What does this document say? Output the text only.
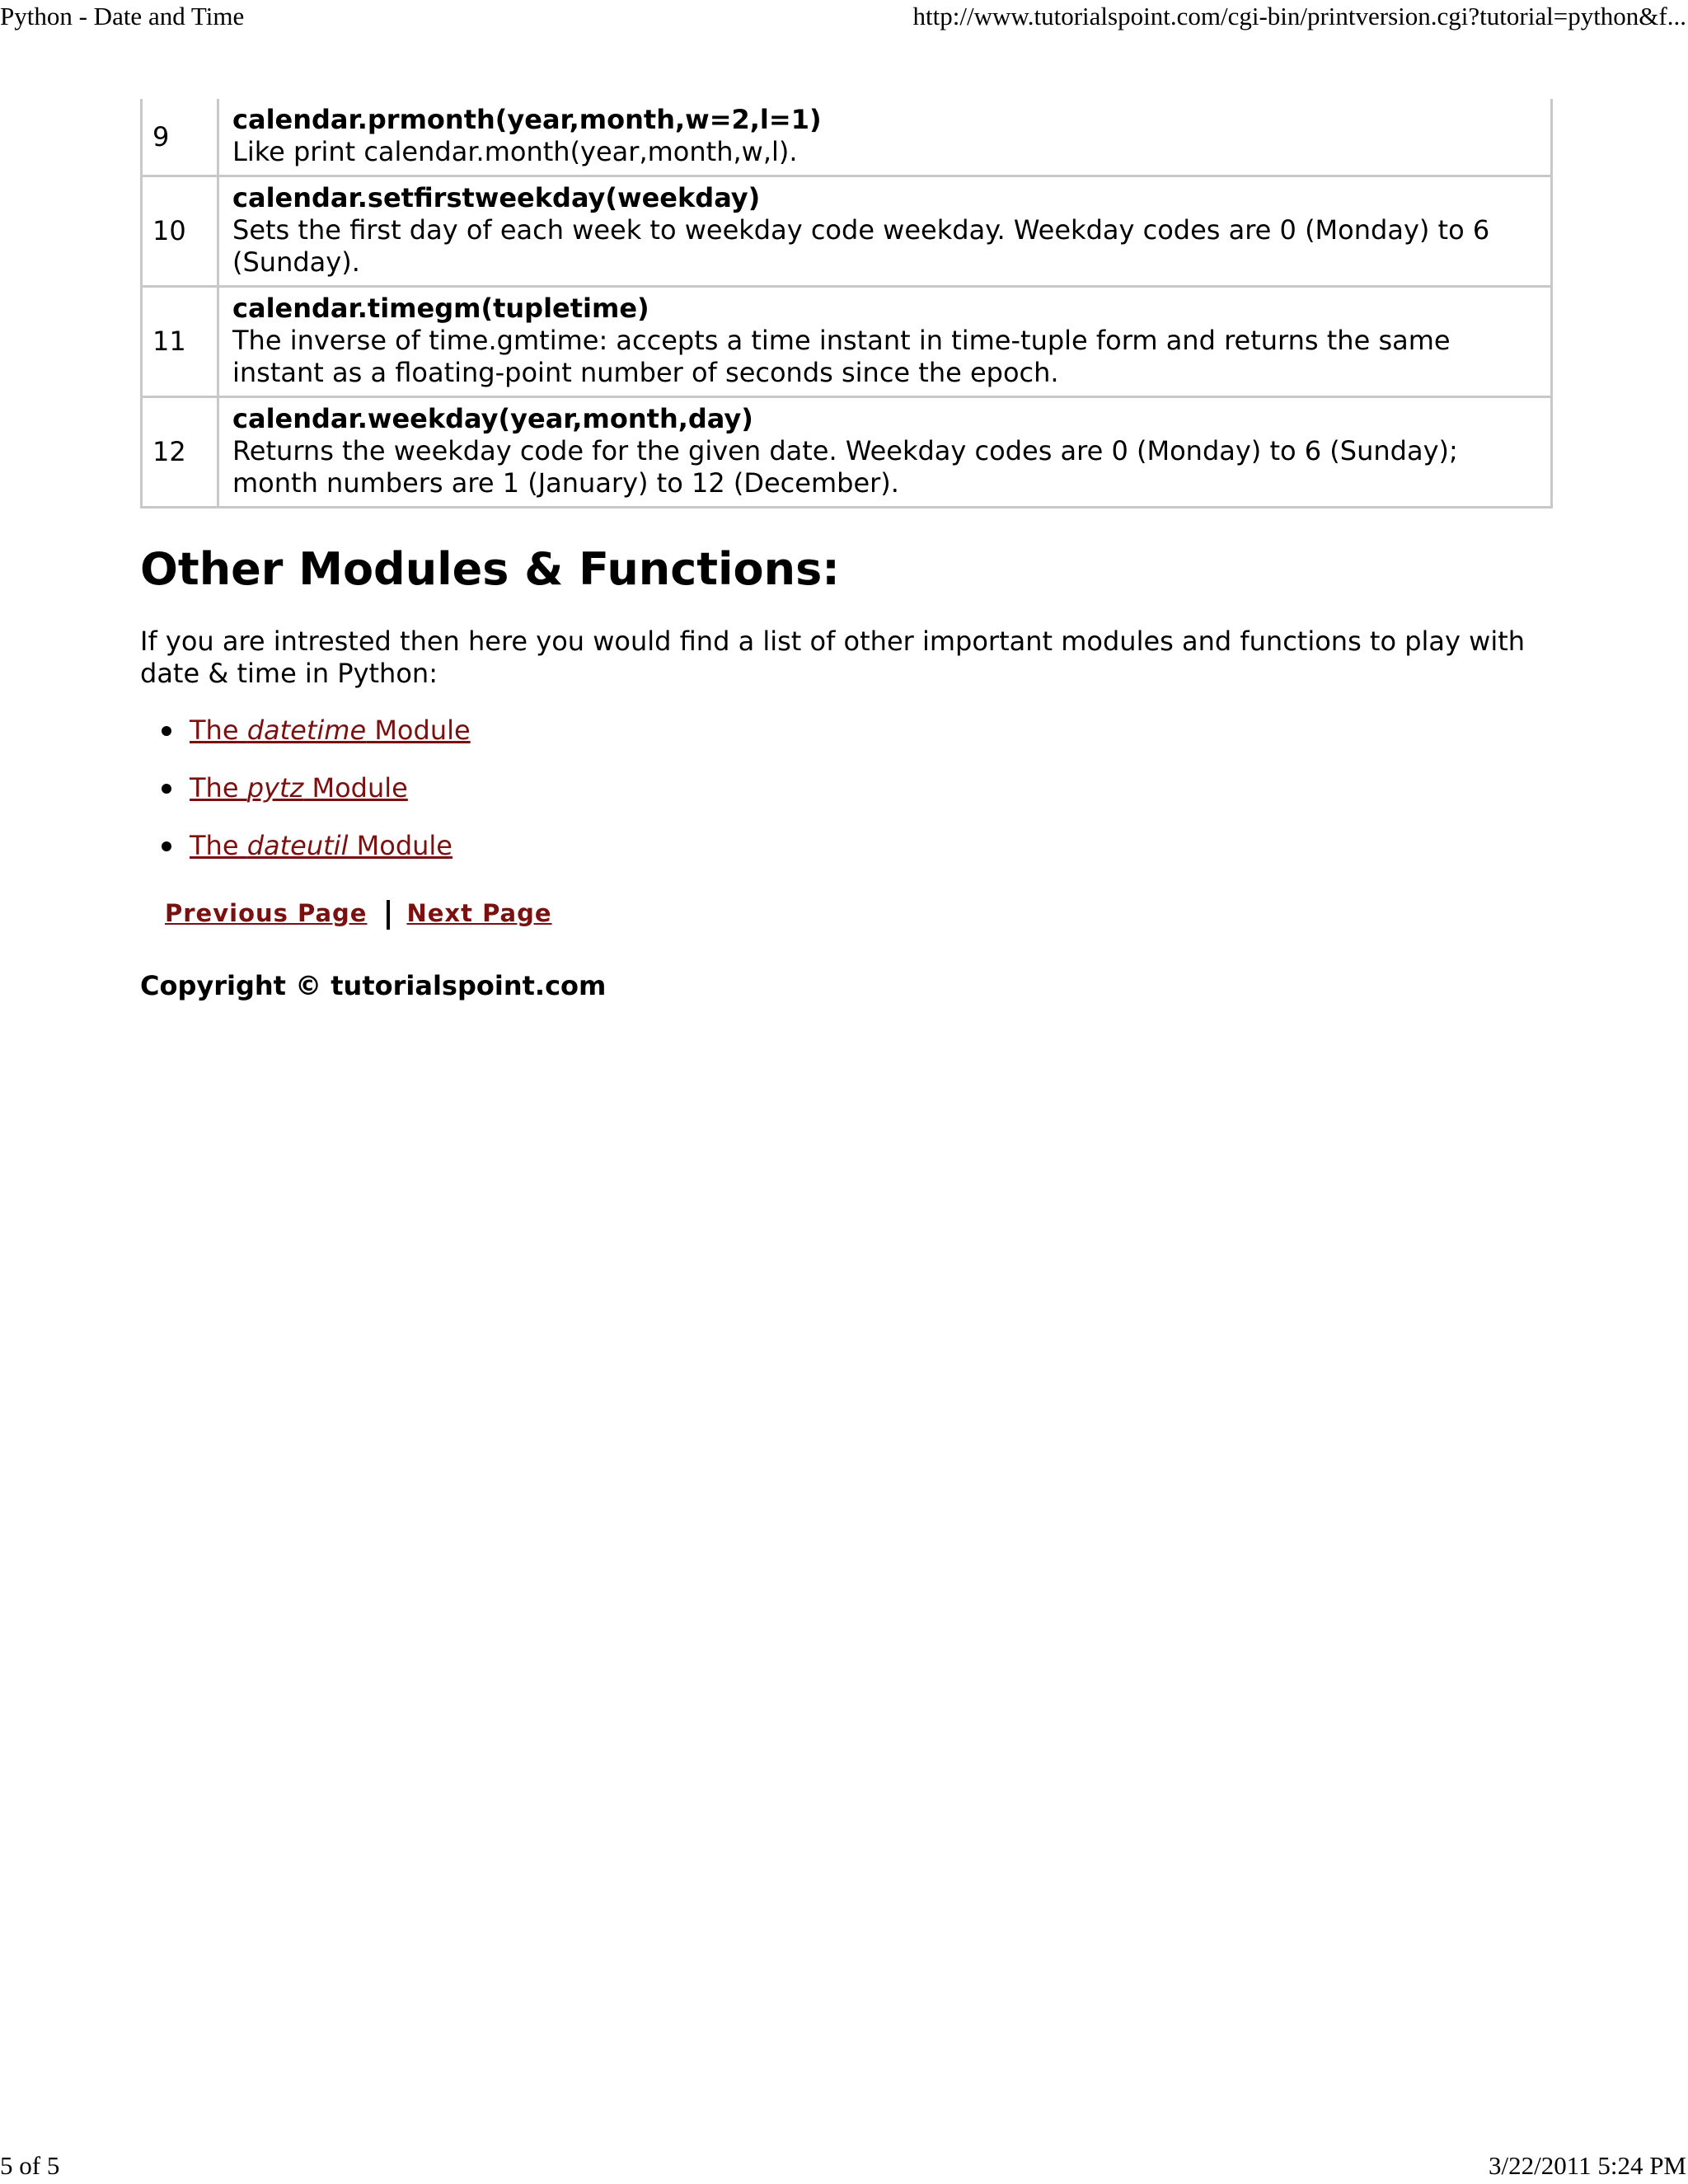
Python - Date and Time	http://www.tutorialspoint.com/cgi-bin/printversion.cgi?tutorial=python&f...
9	calendar.prmonth(year,month,w=2,l=1)
Like print calendar.month(year,month,w,l).

10	calendar.setfirstweekday(weekday)
Sets the first day of each week to weekday code weekday. Weekday codes are 0 (Monday) to 6 (Sunday).

11	calendar.timegm(tupletime)
The inverse of time.gmtime: accepts a time instant in time-tuple form and returns the same instant as a floating-point number of seconds since the epoch.

12	calendar.weekday(year,month,day)
Returns the weekday code for the given date. Weekday codes are 0 (Monday) to 6 (Sunday); month numbers are 1 (January) to 12 (December).
Other Modules & Functions:

If you are intrested then here you would find a list of other important modules and functions to play with date & time in Python:

The datetime Module
The pytz Module
The dateutil Module
Previous Page Next Page
Copyright © tutorialspoint.com
5 of 5	3/22/2011 5:24 PM
